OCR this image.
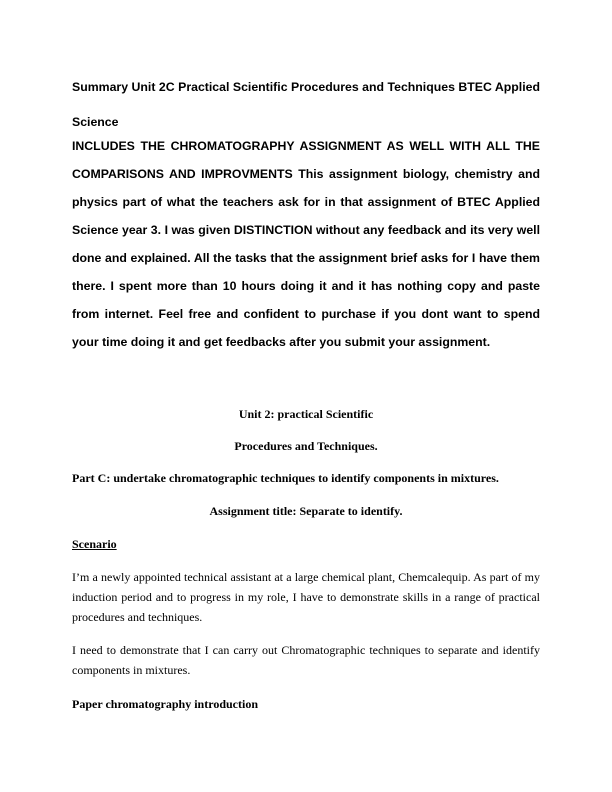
Summary Unit 2C Practical Scientific Procedures and Techniques BTEC Applied Science

INCLUDES THE CHROMATOGRAPHY ASSIGNMENT AS WELL WITH ALL THE COMPARISONS AND IMPROVMENTS This assignment biology, chemistry and physics part of what the teachers ask for in that assignment of BTEC Applied Science year 3. I was given DISTINCTION without any feedback and its very well done and explained. All the tasks that the assignment brief asks for I have them there. I spent more than 10 hours doing it and it has nothing copy and paste from internet. Feel free and confident to purchase if you dont want to spend your time doing it and get feedbacks after you submit your assignment.

Unit 2: practical Scientific

Procedures and Techniques.

Part C: undertake chromatographic techniques to identify components in mixtures.

Assignment title: Separate to identify.

Scenario

I’m a newly appointed technical assistant at a large chemical plant, Chemcalequip. As part of my induction period and to progress in my role, I have to demonstrate skills in a range of practical procedures and techniques.

I need to demonstrate that I can carry out Chromatographic techniques to separate and identify components in mixtures.

Paper chromatography introduction
